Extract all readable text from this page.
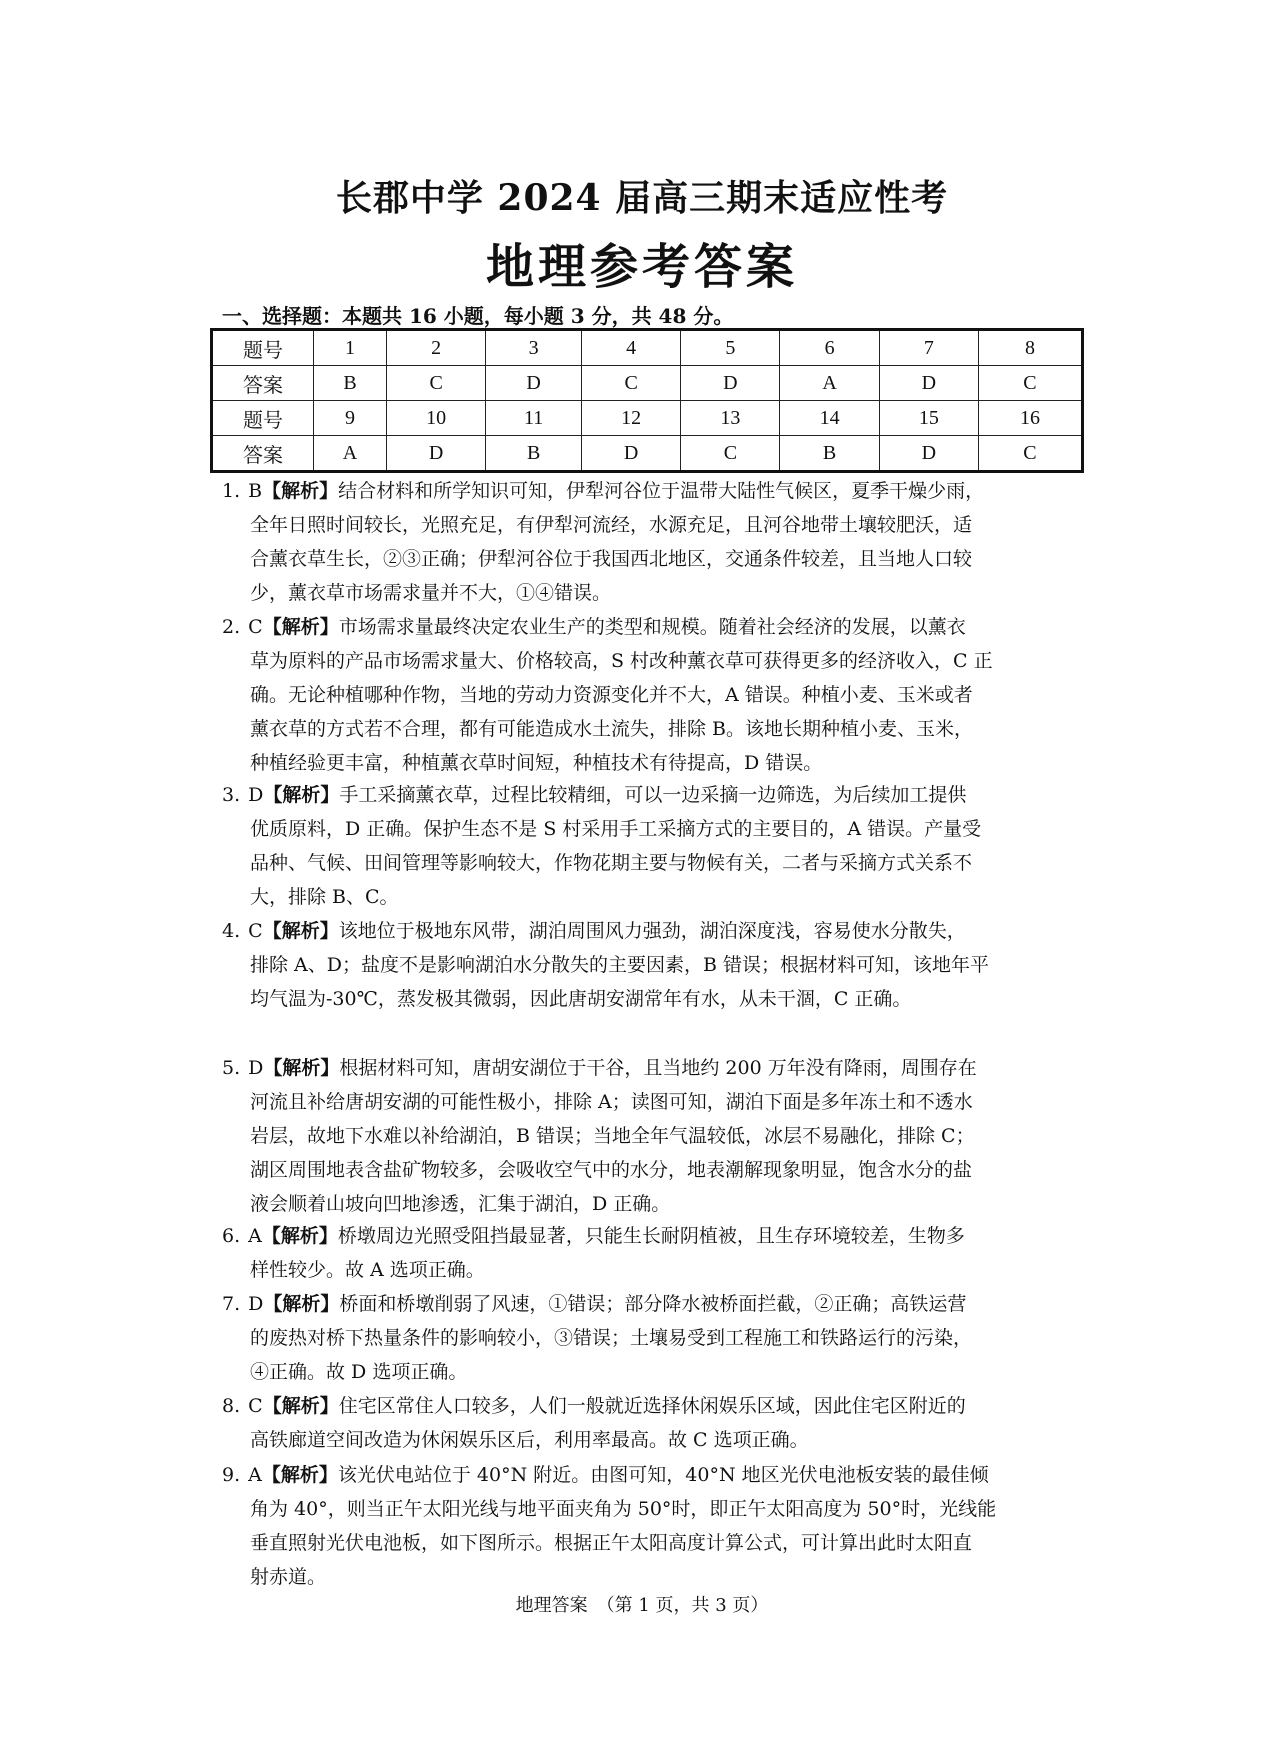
长郡中学 2024 届高三期末适应性考
地理参考答案
一、选择题：本题共 16 小题，每小题 3 分，共 48 分。
题号	1	2	3	4	5	6	7	8
答案	B	C	D	C	D	A	D	C
题号	9	10	11	12	13	14	15	16
答案	A	D	B	D	C	B	D	C
1. B【解析】结合材料和所学知识可知，伊犁河谷位于温带大陆性气候区，夏季干燥少雨，
全年日照时间较长，光照充足，有伊犁河流经，水源充足，且河谷地带土壤较肥沃，适
合薰衣草生长，②③正确；伊犁河谷位于我国西北地区，交通条件较差，且当地人口较
少，薰衣草市场需求量并不大，①④错误。
2. C【解析】市场需求量最终决定农业生产的类型和规模。随着社会经济的发展，以薰衣
草为原料的产品市场需求量大、价格较高，S 村改种薰衣草可获得更多的经济收入，C 正
确。无论种植哪种作物，当地的劳动力资源变化并不大，A 错误。种植小麦、玉米或者
薰衣草的方式若不合理，都有可能造成水土流失，排除 B。该地长期种植小麦、玉米，
种植经验更丰富，种植薰衣草时间短，种植技术有待提高，D 错误。
3. D【解析】手工采摘薰衣草，过程比较精细，可以一边采摘一边筛选，为后续加工提供
优质原料，D 正确。保护生态不是 S 村采用手工采摘方式的主要目的，A 错误。产量受
品种、气候、田间管理等影响较大，作物花期主要与物候有关，二者与采摘方式关系不
大，排除 B、C。
4. C【解析】该地位于极地东风带，湖泊周围风力强劲，湖泊深度浅，容易使水分散失，
排除 A、D；盐度不是影响湖泊水分散失的主要因素，B 错误；根据材料可知，该地年平
均气温为-30℃，蒸发极其微弱，因此唐胡安湖常年有水，从未干涸，C 正确。
5. D【解析】根据材料可知，唐胡安湖位于干谷，且当地约 200 万年没有降雨，周围存在
河流且补给唐胡安湖的可能性极小，排除 A；读图可知，湖泊下面是多年冻土和不透水
岩层，故地下水难以补给湖泊，B 错误；当地全年气温较低，冰层不易融化，排除 C；
湖区周围地表含盐矿物较多，会吸收空气中的水分，地表潮解现象明显，饱含水分的盐
液会顺着山坡向凹地渗透，汇集于湖泊，D 正确。
6. A【解析】桥墩周边光照受阻挡最显著，只能生长耐阴植被，且生存环境较差，生物多
样性较少。故 A 选项正确。
7. D【解析】桥面和桥墩削弱了风速，①错误；部分降水被桥面拦截，②正确；高铁运营
的废热对桥下热量条件的影响较小，③错误；土壤易受到工程施工和铁路运行的污染，
④正确。故 D 选项正确。
8. C【解析】住宅区常住人口较多，人们一般就近选择休闲娱乐区域，因此住宅区附近的
高铁廊道空间改造为休闲娱乐区后，利用率最高。故 C 选项正确。
9. A【解析】该光伏电站位于 40°N 附近。由图可知，40°N 地区光伏电池板安装的最佳倾
角为 40°，则当正午太阳光线与地平面夹角为 50°时，即正午太阳高度为 50°时，光线能
垂直照射光伏电池板，如下图所示。根据正午太阳高度计算公式，可计算出此时太阳直
射赤道。
地理答案　（第 1 页，共 3 页）
